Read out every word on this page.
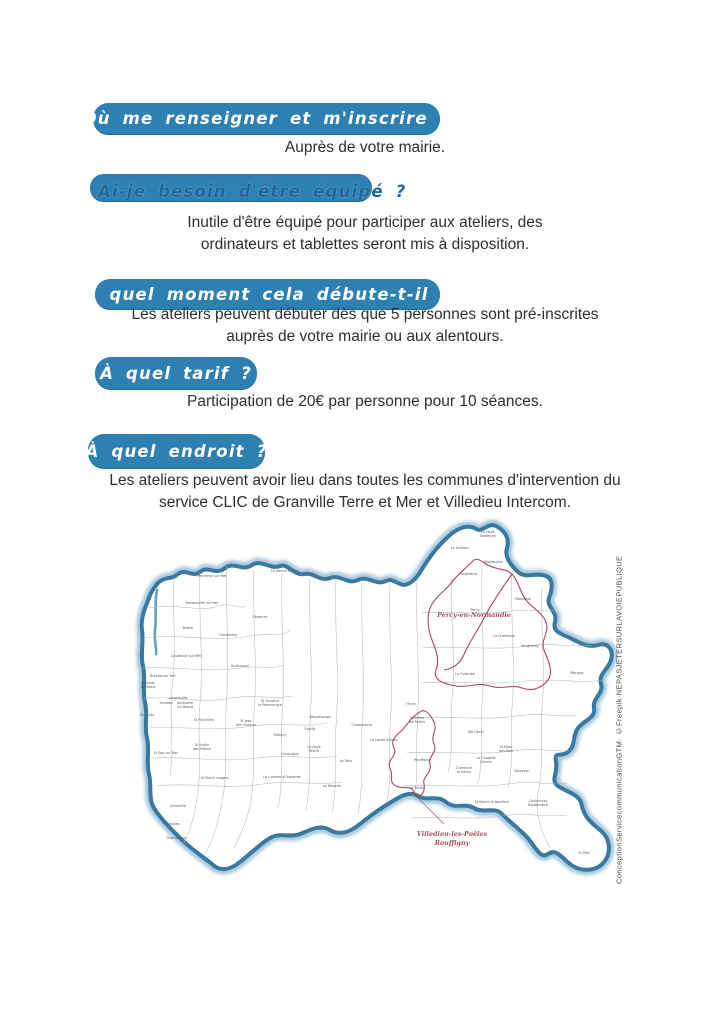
Où me renseigner et m'inscrire ?
Auprès de votre mairie.
Ai-je besoin d'être équipé ?
Inutile d'être équipé pour participer aux ateliers, des ordinateurs et tablettes seront mis à disposition.
À quel moment cela débute-t-il ?
Les ateliers peuvent débuter dès que 5 personnes sont pré-inscrites auprès de votre mairie ou aux alentours.
À quel tarif ?
Participation de 20€ par personne pour 10 séances.
À quel endroit ?
Les ateliers peuvent avoir lieu dans toutes les communes d'intervention du service CLIC de Granville Terre et Mer et Villedieu Intercom.
Muneville sur Mer
Le Mesnil Aubert
Bricqueville sur Mer
Cérences
Bréhal
Chanteloup
Coudeville sur Mer
Hudimesnil
Bréville sur Mer
Longueville
Donville les Bains
Yquelon Anctoville sur Boscq
Granville
St Planchers	St Jean des Champs
St Sauveur la Pommeraye
Folligny
Beauchamps
Équilly
Champrepus
St Pair sur Mer
St Aubin des Préaux
Hocquigny
La Haye Pesnel
Le Tanu
St Pierre Langers	La Lucerne d'Outremer
La Mouche
Jullouville
Carolles
Champeaux
La Haye Bellefond
Le Guislain
Villebaudon
Maupertuis
Montabot
Percy
La Chefresne
Margueray
La Colombe	Morigny
Fleury
Villedieu les Poêles
Ste Cécile
La Lande d'Airou
Rouffigny
St Maur des Bois
La Chapelle Cécelin
Boisyvon
Chérencé le Héron
La Trinité
St Martin le Bouillant	Coulouvray Boisbenâtre
St Pois
Percy-en-Normandie
Villedieu-les-Poêles Rouffigny	ConceptionServicecommunicationGTM· ©Freepik·NEPASJETERSURLAVOIEPUBLIQUE
